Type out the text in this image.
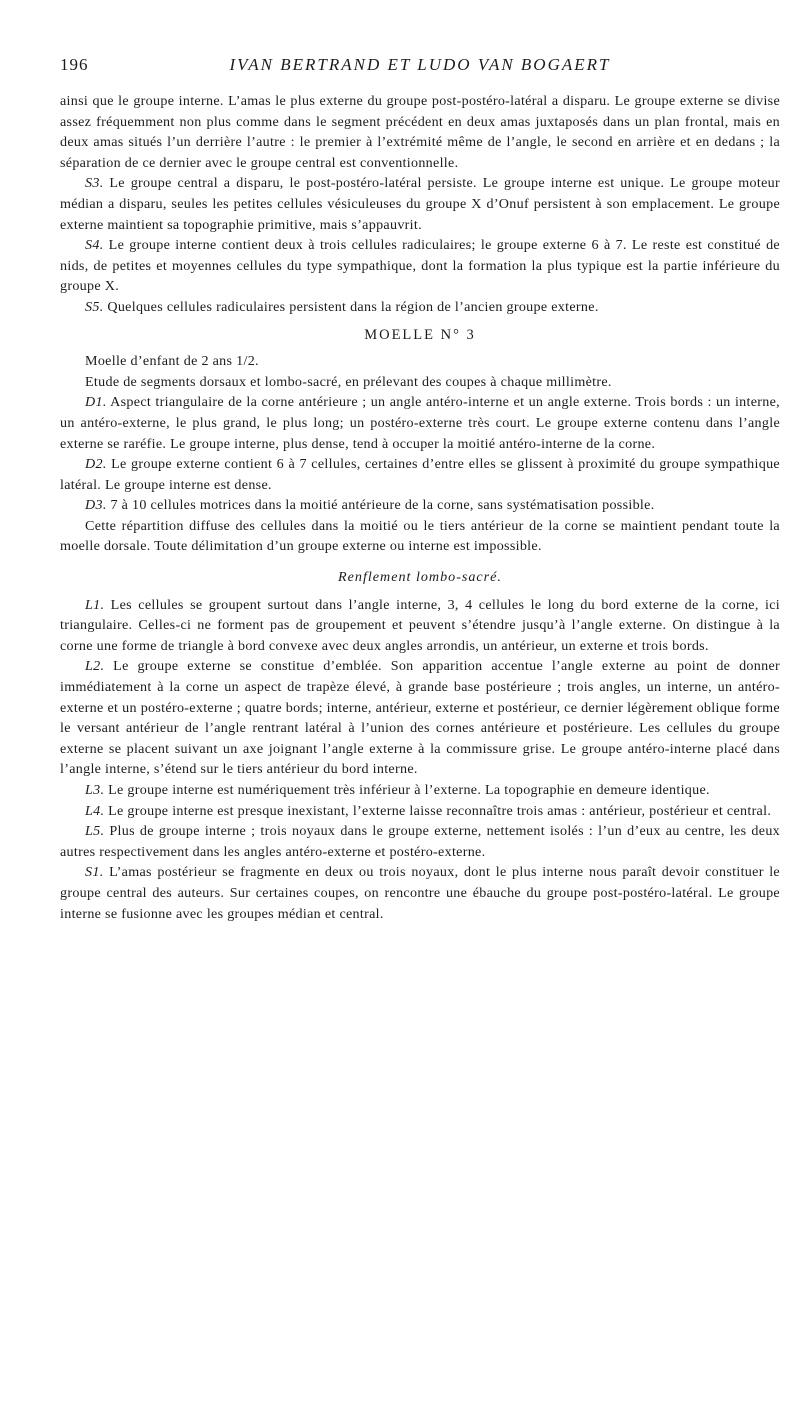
196	IVAN BERTRAND ET LUDO VAN BOGAERT

ainsi que le groupe interne. L’amas le plus externe du groupe post-postéro-latéral a disparu. Le groupe externe se divise assez fréquemment non plus comme dans le segment précédent en deux amas juxtaposés dans un plan frontal, mais en deux amas situés l’un derrière l’autre : le premier à l’extrémité même de l’angle, le second en arrière et en dedans ; la séparation de ce dernier avec le groupe central est conventionnelle.

S3. Le groupe central a disparu, le post-postéro-latéral persiste. Le groupe interne est unique. Le groupe moteur médian a disparu, seules les petites cellules vésiculeuses du groupe X d’Onuf persistent à son emplacement. Le groupe externe maintient sa topographie primitive, mais s’appauvrit.

S4. Le groupe interne contient deux à trois cellules radiculaires; le groupe externe 6 à 7. Le reste est constitué de nids, de petites et moyennes cellules du type sympathique, dont la formation la plus typique est la partie inférieure du groupe X.

S5. Quelques cellules radiculaires persistent dans la région de l’ancien groupe externe.

MOELLE N° 3

Moelle d’enfant de 2 ans 1/2.

Etude de segments dorsaux et lombo-sacré, en prélevant des coupes à chaque millimètre.

D1. Aspect triangulaire de la corne antérieure ; un angle antéro-interne et un angle externe. Trois bords : un interne, un antéro-externe, le plus grand, le plus long; un postéro-externe très court. Le groupe externe contenu dans l’angle externe se raréfie. Le groupe interne, plus dense, tend à occuper la moitié antéro-interne de la corne.

D2. Le groupe externe contient 6 à 7 cellules, certaines d’entre elles se glissent à proximité du groupe sympathique latéral. Le groupe interne est dense.

D3. 7 à 10 cellules motrices dans la moitié antérieure de la corne, sans systématisation possible.

Cette répartition diffuse des cellules dans la moitié ou le tiers antérieur de la corne se maintient pendant toute la moelle dorsale. Toute délimitation d’un groupe externe ou interne est impossible.

Renflement lombo-sacré.

L1. Les cellules se groupent surtout dans l’angle interne, 3, 4 cellules le long du bord externe de la corne, ici triangulaire. Celles-ci ne forment pas de groupement et peuvent s’étendre jusqu’à l’angle externe. On distingue à la corne une forme de triangle à bord convexe avec deux angles arrondis, un antérieur, un externe et trois bords.

L2. Le groupe externe se constitue d’emblée. Son apparition accentue l’angle externe au point de donner immédiatement à la corne un aspect de trapèze élevé, à grande base postérieure ; trois angles, un interne, un antéro-externe et un postéro-externe ; quatre bords; interne, antérieur, externe et postérieur, ce dernier légèrement oblique forme le versant antérieur de l’angle rentrant latéral à l’union des cornes antérieure et postérieure. Les cellules du groupe externe se placent suivant un axe joignant l’angle externe à la commissure grise. Le groupe antéro-interne placé dans l’angle interne, s’étend sur le tiers antérieur du bord interne.

L3. Le groupe interne est numériquement très inférieur à l’externe. La topographie en demeure identique.

L4. Le groupe interne est presque inexistant, l’externe laisse reconnaître trois amas : antérieur, postérieur et central.

L5. Plus de groupe interne ; trois noyaux dans le groupe externe, nettement isolés : l’un d’eux au centre, les deux autres respectivement dans les angles antéro-externe et postéro-externe.

S1. L’amas postérieur se fragmente en deux ou trois noyaux, dont le plus interne nous paraît devoir constituer le groupe central des auteurs. Sur certaines coupes, on rencontre une ébauche du groupe post-postéro-latéral. Le groupe interne se fusionne avec les groupes médian et central.
